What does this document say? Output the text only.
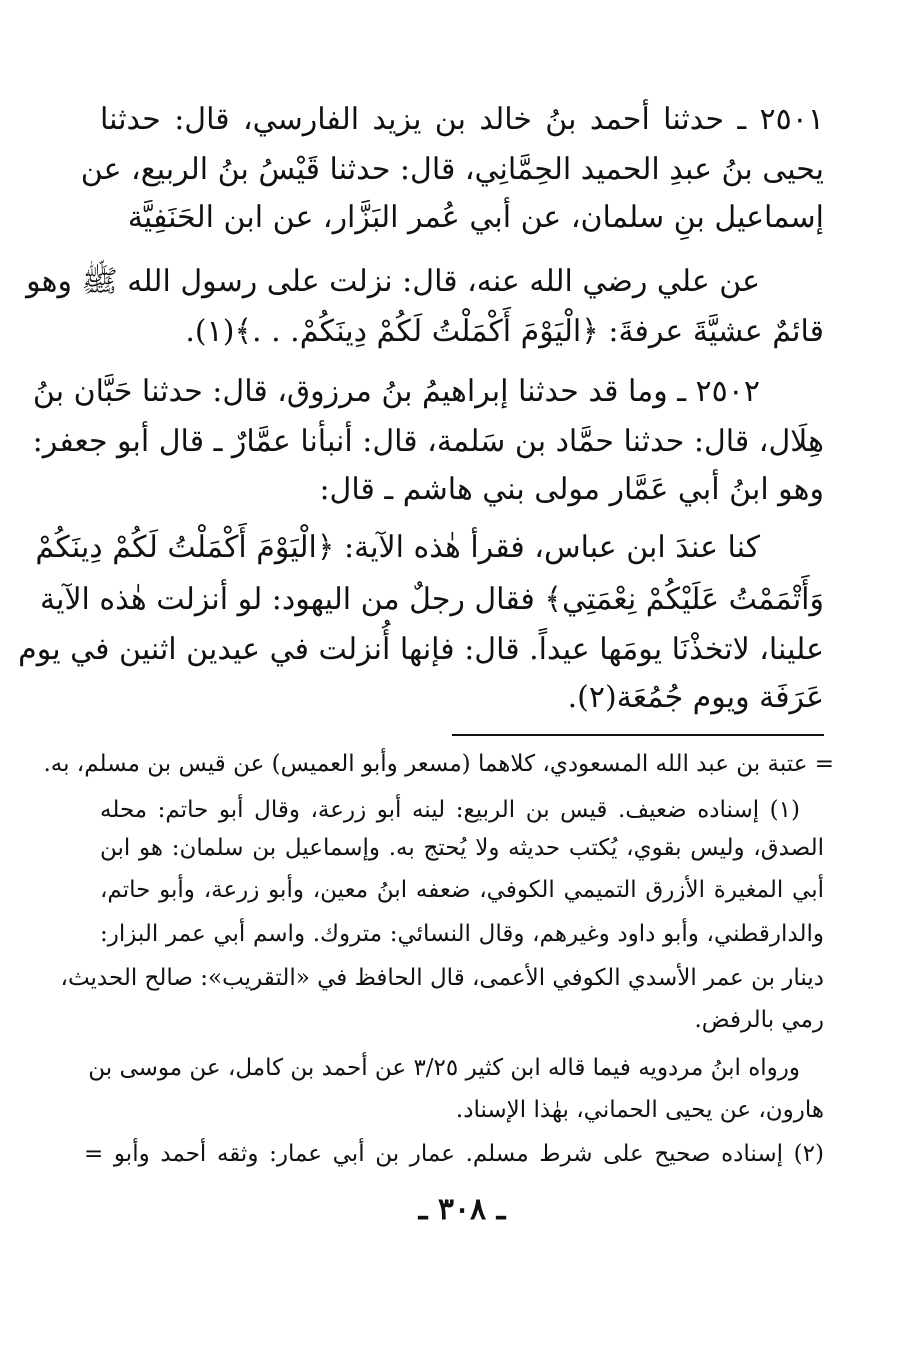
٢٥٠١ ـ حدثنا أحمد بنُ خالد بن يزيد الفارسي، قال: حدثنا
يحيى بنُ عبدِ الحميد الحِمَّانِي، قال: حدثنا قَيْسُ بنُ الربيع، عن
إسماعيل بنِ سلمان، عن أبي عُمر البَزَّار، عن ابن الحَنَفِيَّة
عن علي رضي الله عنه، قال: نزلت على رسول الله ﷺ وهو
قائمٌ عشيَّةَ عرفةَ: ﴿الْيَوْمَ أَكْمَلْتُ لَكُمْ دِينَكُمْ. . .﴾(١).
٢٥٠٢ ـ وما قد حدثنا إبراهيمُ بنُ مرزوق، قال: حدثنا حَبَّان بنُ
هِلَال، قال: حدثنا حمَّاد بن سَلمة، قال: أنبأنا عمَّارٌ ـ قال أبو جعفر:
وهو ابنُ أبي عَمَّار مولى بني هاشم ـ قال:
كنا عندَ ابن عباس، فقرأ هٰذه الآية: ﴿الْيَوْمَ أَكْمَلْتُ لَكُمْ دِينَكُمْ
وَأَتْمَمْتُ عَلَيْكُمْ نِعْمَتِي﴾ فقال رجلٌ من اليهود: لو أنزلت هٰذه الآية
علينا، لاتخذْنَا يومَها عيداً. قال: فإنها أُنزلت في عيدين اثنين في يوم
عَرَفَة ويوم جُمُعَة(٢).
= عتبة بن عبد الله المسعودي، كلاهما (مسعر وأبو العميس) عن قيس بن مسلم، به.
(١) إسناده ضعيف. قيس بن الربيع: لينه أبو زرعة، وقال أبو حاتم: محله
الصدق، وليس بقوي، يُكتب حديثه ولا يُحتج به. وإسماعيل بن سلمان: هو ابن
أبي المغيرة الأزرق التميمي الكوفي، ضعفه ابنُ معين، وأبو زرعة، وأبو حاتم،
والدارقطني، وأبو داود وغيرهم، وقال النسائي: متروك. واسم أبي عمر البزار:
دينار بن عمر الأسدي الكوفي الأعمى، قال الحافظ في «التقريب»: صالح الحديث،
رمي بالرفض.
ورواه ابنُ مردويه فيما قاله ابن كثير ٣/٢٥ عن أحمد بن كامل، عن موسى بن
هارون، عن يحيى الحماني، بهٰذا الإسناد.
(٢) إسناده صحيح على شرط مسلم. عمار بن أبي عمار: وثقه أحمد وأبو =
ـ ٣٠٨ ـ
